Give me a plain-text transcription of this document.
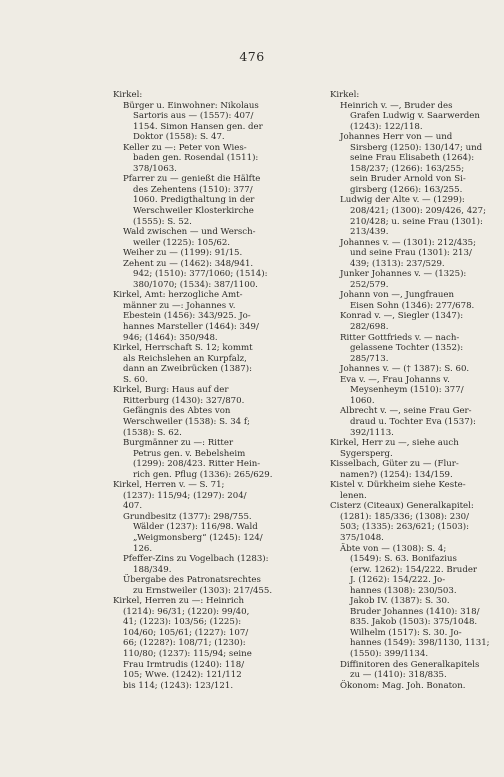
476
Kirkel:
Bürger u. Einwohner: Nikolaus
Sartoris aus — (1557): 407/
1154. Simon Hansen gen. der
Doktor (1558): S. 47.
Keller zu —: Peter von Wies-
baden gen. Rosendal (1511):
378/1063.
Pfarrer zu — genießt die Hälfte
des Zehentens (1510): 377/
1060. Predigthaltung in der
Werschweiler Klosterkirche
(1555): S. 52.
Wald zwischen — und Wersch-
weiler (1225): 105/62.
Weiher zu — (1199): 91/15.
Zehent zu — (1462): 348/941.
942; (1510): 377/1060; (1514):
380/1070; (1534): 387/1100.
Kirkel, Amt: herzogliche Amt-
männer zu —: Johannes v.
Ebestein (1456): 343/925. Jo-
hannes Marsteller (1464): 349/
946; (1464): 350/948.
Kirkel, Herrschaft S. 12; kommt
als Reichslehen an Kurpfalz,
dann an Zweibrücken (1387):
S. 60.
Kirkel, Burg: Haus auf der
Ritterburg (1430): 327/870.
Gefängnis des Abtes von
Werschweiler (1538): S. 34 f;
(1538): S. 62.
Burgmänner zu —: Ritter
Petrus gen. v. Bebelsheim
(1299): 208/423. Ritter Hein-
rich gen. Pflug (1336): 265/629.
Kirkel, Herren v. — S. 71;
(1237): 115/94; (1297): 204/
407.
Grundbesitz (1377): 298/755.
Wälder (1237): 116/98. Wald
„Weigmonsberg“ (1245): 124/
126.
Pfeffer-Zins zu Vogelbach (1283):
188/349.
Übergabe des Patronatsrechtes
zu Ernstweiler (1303): 217/455.
Kirkel, Herren zu —: Heinrich
(1214): 96/31; (1220): 99/40,
41; (1223): 103/56; (1225):
104/60; 105/61; (1227): 107/
66; (1228?): 108/71; (1230):
110/80; (1237): 115/94; seine
Frau Irmtrudis (1240): 118/
105; Wwe. (1242): 121/112
bis 114; (1243): 123/121.
Kirkel:
Heinrich v. —, Bruder des
Grafen Ludwig v. Saarwerden
(1243): 122/118.
Johannes Herr von — und
Sirsberg (1250): 130/147; und
seine Frau Elisabeth (1264):
158/237; (1266): 163/255;
sein Bruder Arnold von Si-
girsberg (1266): 163/255.
Ludwig der Alte v. — (1299):
208/421; (1300): 209/426, 427;
210/428; u. seine Frau (1301):
213/439.
Johannes v. — (1301): 212/435;
und seine Frau (1301): 213/
439; (1313): 237/529.
Junker Johannes v. — (1325):
252/579.
Johann von —, Jungfrauen
Eisen Sohn (1346): 277/678.
Konrad v. —, Siegler (1347):
282/698.
Ritter Gottfrieds v. — nach-
gelassene Tochter (1352):
285/713.
Johannes v. — († 1387): S. 60.
Eva v. —, Frau Johanns v.
Meysenheym (1510): 377/
1060.
Albrecht v. —, seine Frau Ger-
draud u. Tochter Eva (1537):
392/1113.
Kirkel, Herr zu —, siehe auch
Sygersperg.
Kisselbach, Güter zu — (Flur-
namen?) (1254): 134/159.
Kistel v. Dürkheim siehe Keste-
lenen.
Cisterz (Citeaux) Generalkapitel:
(1281): 185/336; (1308): 230/
503; (1335): 263/621; (1503):
375/1048.
Äbte von — (1308): S. 4;
(1549): S. 63. Bonifazius
(erw. 1262): 154/222. Bruder
J. (1262): 154/222. Jo-
hannes (1308): 230/503.
Jakob IV. (1387): S. 30.
Bruder Johannes (1410): 318/
835. Jakob (1503): 375/1048.
Wilhelm (1517): S. 30. Jo-
hannes (1549): 398/1130, 1131;
(1550): 399/1134.
Diffinitoren des Generalkapitels
zu — (1410): 318/835.
Ökonom: Mag. Joh. Bonaton.
